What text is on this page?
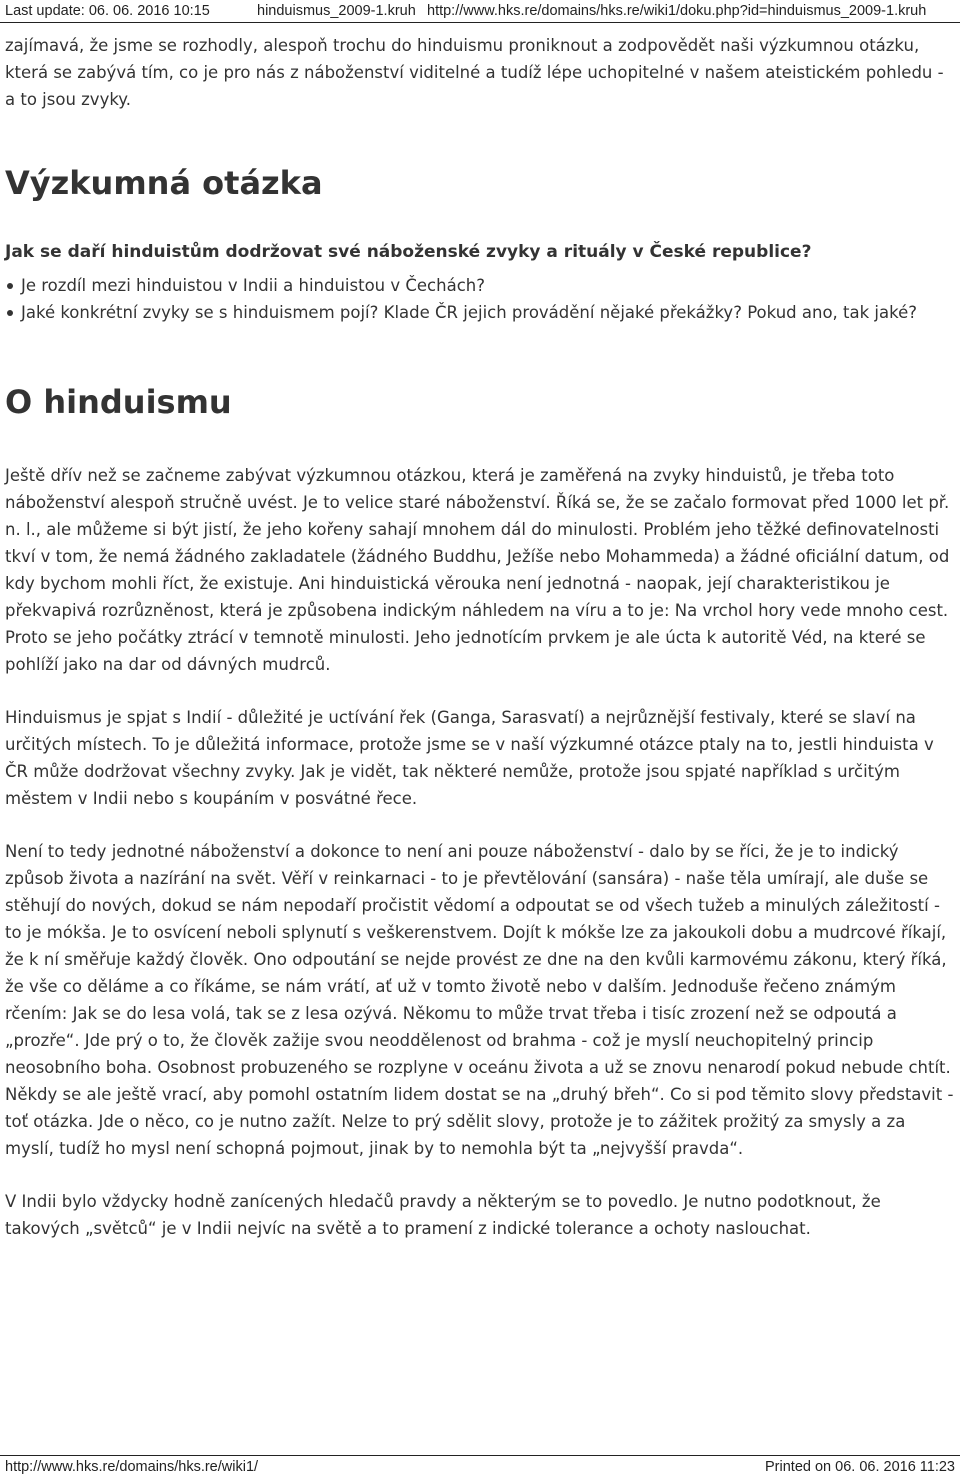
Last update: 06. 06. 2016 10:15	hinduismus_2009-1.kruh http://www.hks.re/domains/hks.re/wiki1/doku.php?id=hinduismus_2009-1.kruh

zajímavá, že jsme se rozhodly, alespoň trochu do hinduismu proniknout a zodpovědět naši výzkumnou otázku, která se zabývá tím, co je pro nás z náboženství viditelné a tudíž lépe uchopitelné v našem ateistickém pohledu - a to jsou zvyky.

Výzkumná otázka
Jak se daří hinduistům dodržovat své náboženské zvyky a rituály v České republice?
Je rozdíl mezi hinduistou v Indii a hinduistou v Čechách?
Jaké konkrétní zvyky se s hinduismem pojí? Klade ČR jejich provádění nějaké překážky? Pokud ano, tak jaké?
O hinduismu

Ještě dřív než se začneme zabývat výzkumnou otázkou, která je zaměřená na zvyky hinduistů, je třeba toto náboženství alespoň stručně uvést. Je to velice staré náboženství. Říká se, že se začalo formovat před 1000 let př. n. l., ale můžeme si být jistí, že jeho kořeny sahají mnohem dál do minulosti. Problém jeho těžké definovatelnosti tkví v tom, že nemá žádného zakladatele (žádného Buddhu, Ježíše nebo Mohammeda) a žádné oficiální datum, od kdy bychom mohli říct, že existuje. Ani hinduistická věrouka není jednotná - naopak, její charakteristikou je překvapivá rozrůzněnost, která je způsobena indickým náhledem na víru a to je: Na vrchol hory vede mnoho cest. Proto se jeho počátky ztrácí v temnotě minulosti. Jeho jednotícím prvkem je ale úcta k autoritě Véd, na které se pohlíží jako na dar od dávných mudrců.

Hinduismus je spjat s Indií - důležité je uctívání řek (Ganga, Sarasvatí) a nejrůznější festivaly, které se slaví na určitých místech. To je důležitá informace, protože jsme se v naší výzkumné otázce ptaly na to, jestli hinduista v ČR může dodržovat všechny zvyky. Jak je vidět, tak některé nemůže, protože jsou spjaté například s určitým městem v Indii nebo s koupáním v posvátné řece.

Není to tedy jednotné náboženství a dokonce to není ani pouze náboženství - dalo by se říci, že je to indický způsob života a nazírání na svět. Věří v reinkarnaci - to je převtělování (sansára) - naše těla umírají, ale duše se stěhují do nových, dokud se nám nepodaří pročistit vědomí a odpoutat se od všech tužeb a minulých záležitostí - to je mókša. Je to osvícení neboli splynutí s veškerenstvem. Dojít k mókše lze za jakoukoli dobu a mudrcové říkají, že k ní směřuje každý člověk. Ono odpoutání se nejde provést ze dne na den kvůli karmovému zákonu, který říká, že vše co děláme a co říkáme, se nám vrátí, ať už v tomto životě nebo v dalším. Jednoduše řečeno známým rčením: Jak se do lesa volá, tak se z lesa ozývá. Někomu to může trvat třeba i tisíc zrození než se odpoutá a „prozře“. Jde prý o to, že člověk zažije svou neoddělenost od brahma - což je myslí neuchopitelný princip neosobního boha. Osobnost probuzeného se rozplyne v oceánu života a už se znovu nenarodí pokud nebude chtít. Někdy se ale ještě vrací, aby pomohl ostatním lidem dostat se na „druhý břeh“. Co si pod těmito slovy představit - toť otázka. Jde o něco, co je nutno zažít. Nelze to prý sdělit slovy, protože je to zážitek prožitý za smysly a za myslí, tudíž ho mysl není schopná pojmout, jinak by to nemohla být ta „nejvyšší pravda“.

V Indii bylo vždycky hodně zanícených hledačů pravdy a některým se to povedlo. Je nutno podotknout, že takových „světců“ je v Indii nejvíc na světě a to pramení z indické tolerance a ochoty naslouchat.

http://www.hks.re/domains/hks.re/wiki1/	Printed on 06. 06. 2016 11:23
